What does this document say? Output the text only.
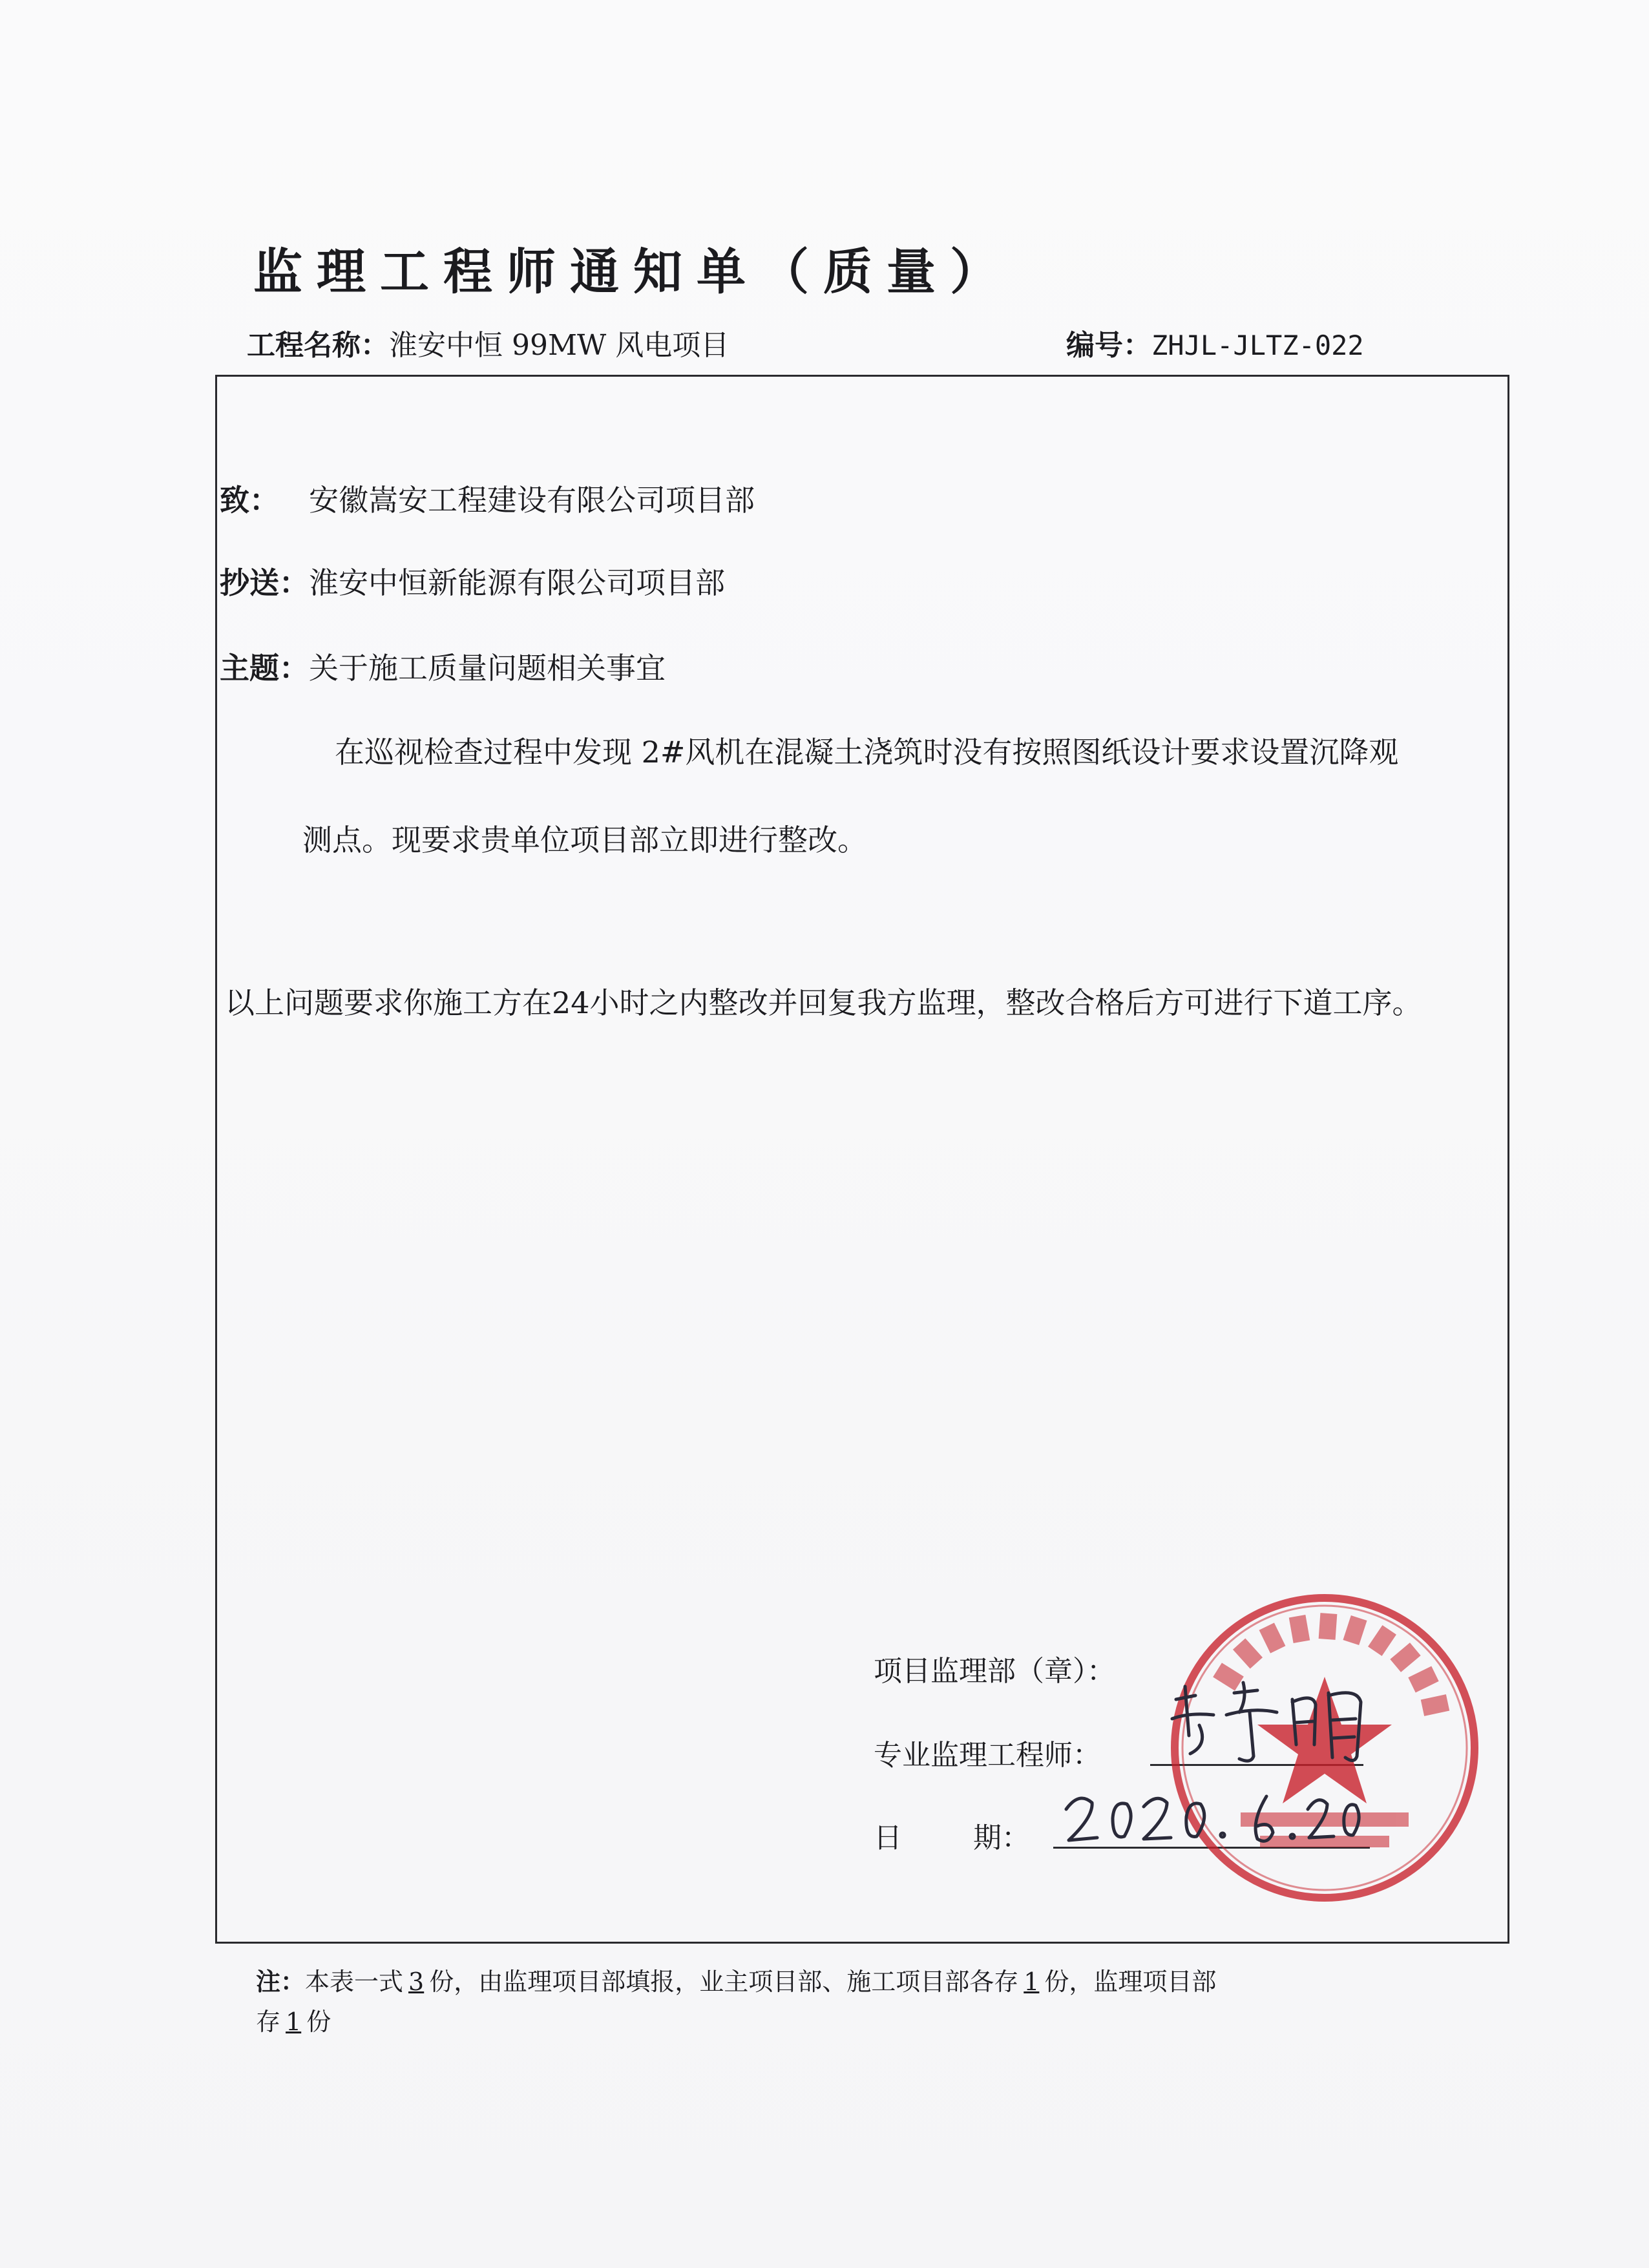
监理工程师通知单（质量）
工程名称：淮安中恒 99MW 风电项目	编号：ZHJL-JLTZ-022
致： 安徽嵩安工程建设有限公司项目部
抄送：淮安中恒新能源有限公司项目部
主题：关于施工质量问题相关事宜
在巡视检查过程中发现 2#风机在混凝土浇筑时没有按照图纸设计要求设置沉降观
测点。现要求贵单位项目部立即进行整改。
以上问题要求你施工方在24小时之内整改并回复我方监理，整改合格后方可进行下道工序。
项目监理部（章）：
专业监理工程师：
日	期：
注：本表一式 3 份，由监理项目部填报，业主项目部、施工项目部各存 1 份，监理项目部
存 1 份
